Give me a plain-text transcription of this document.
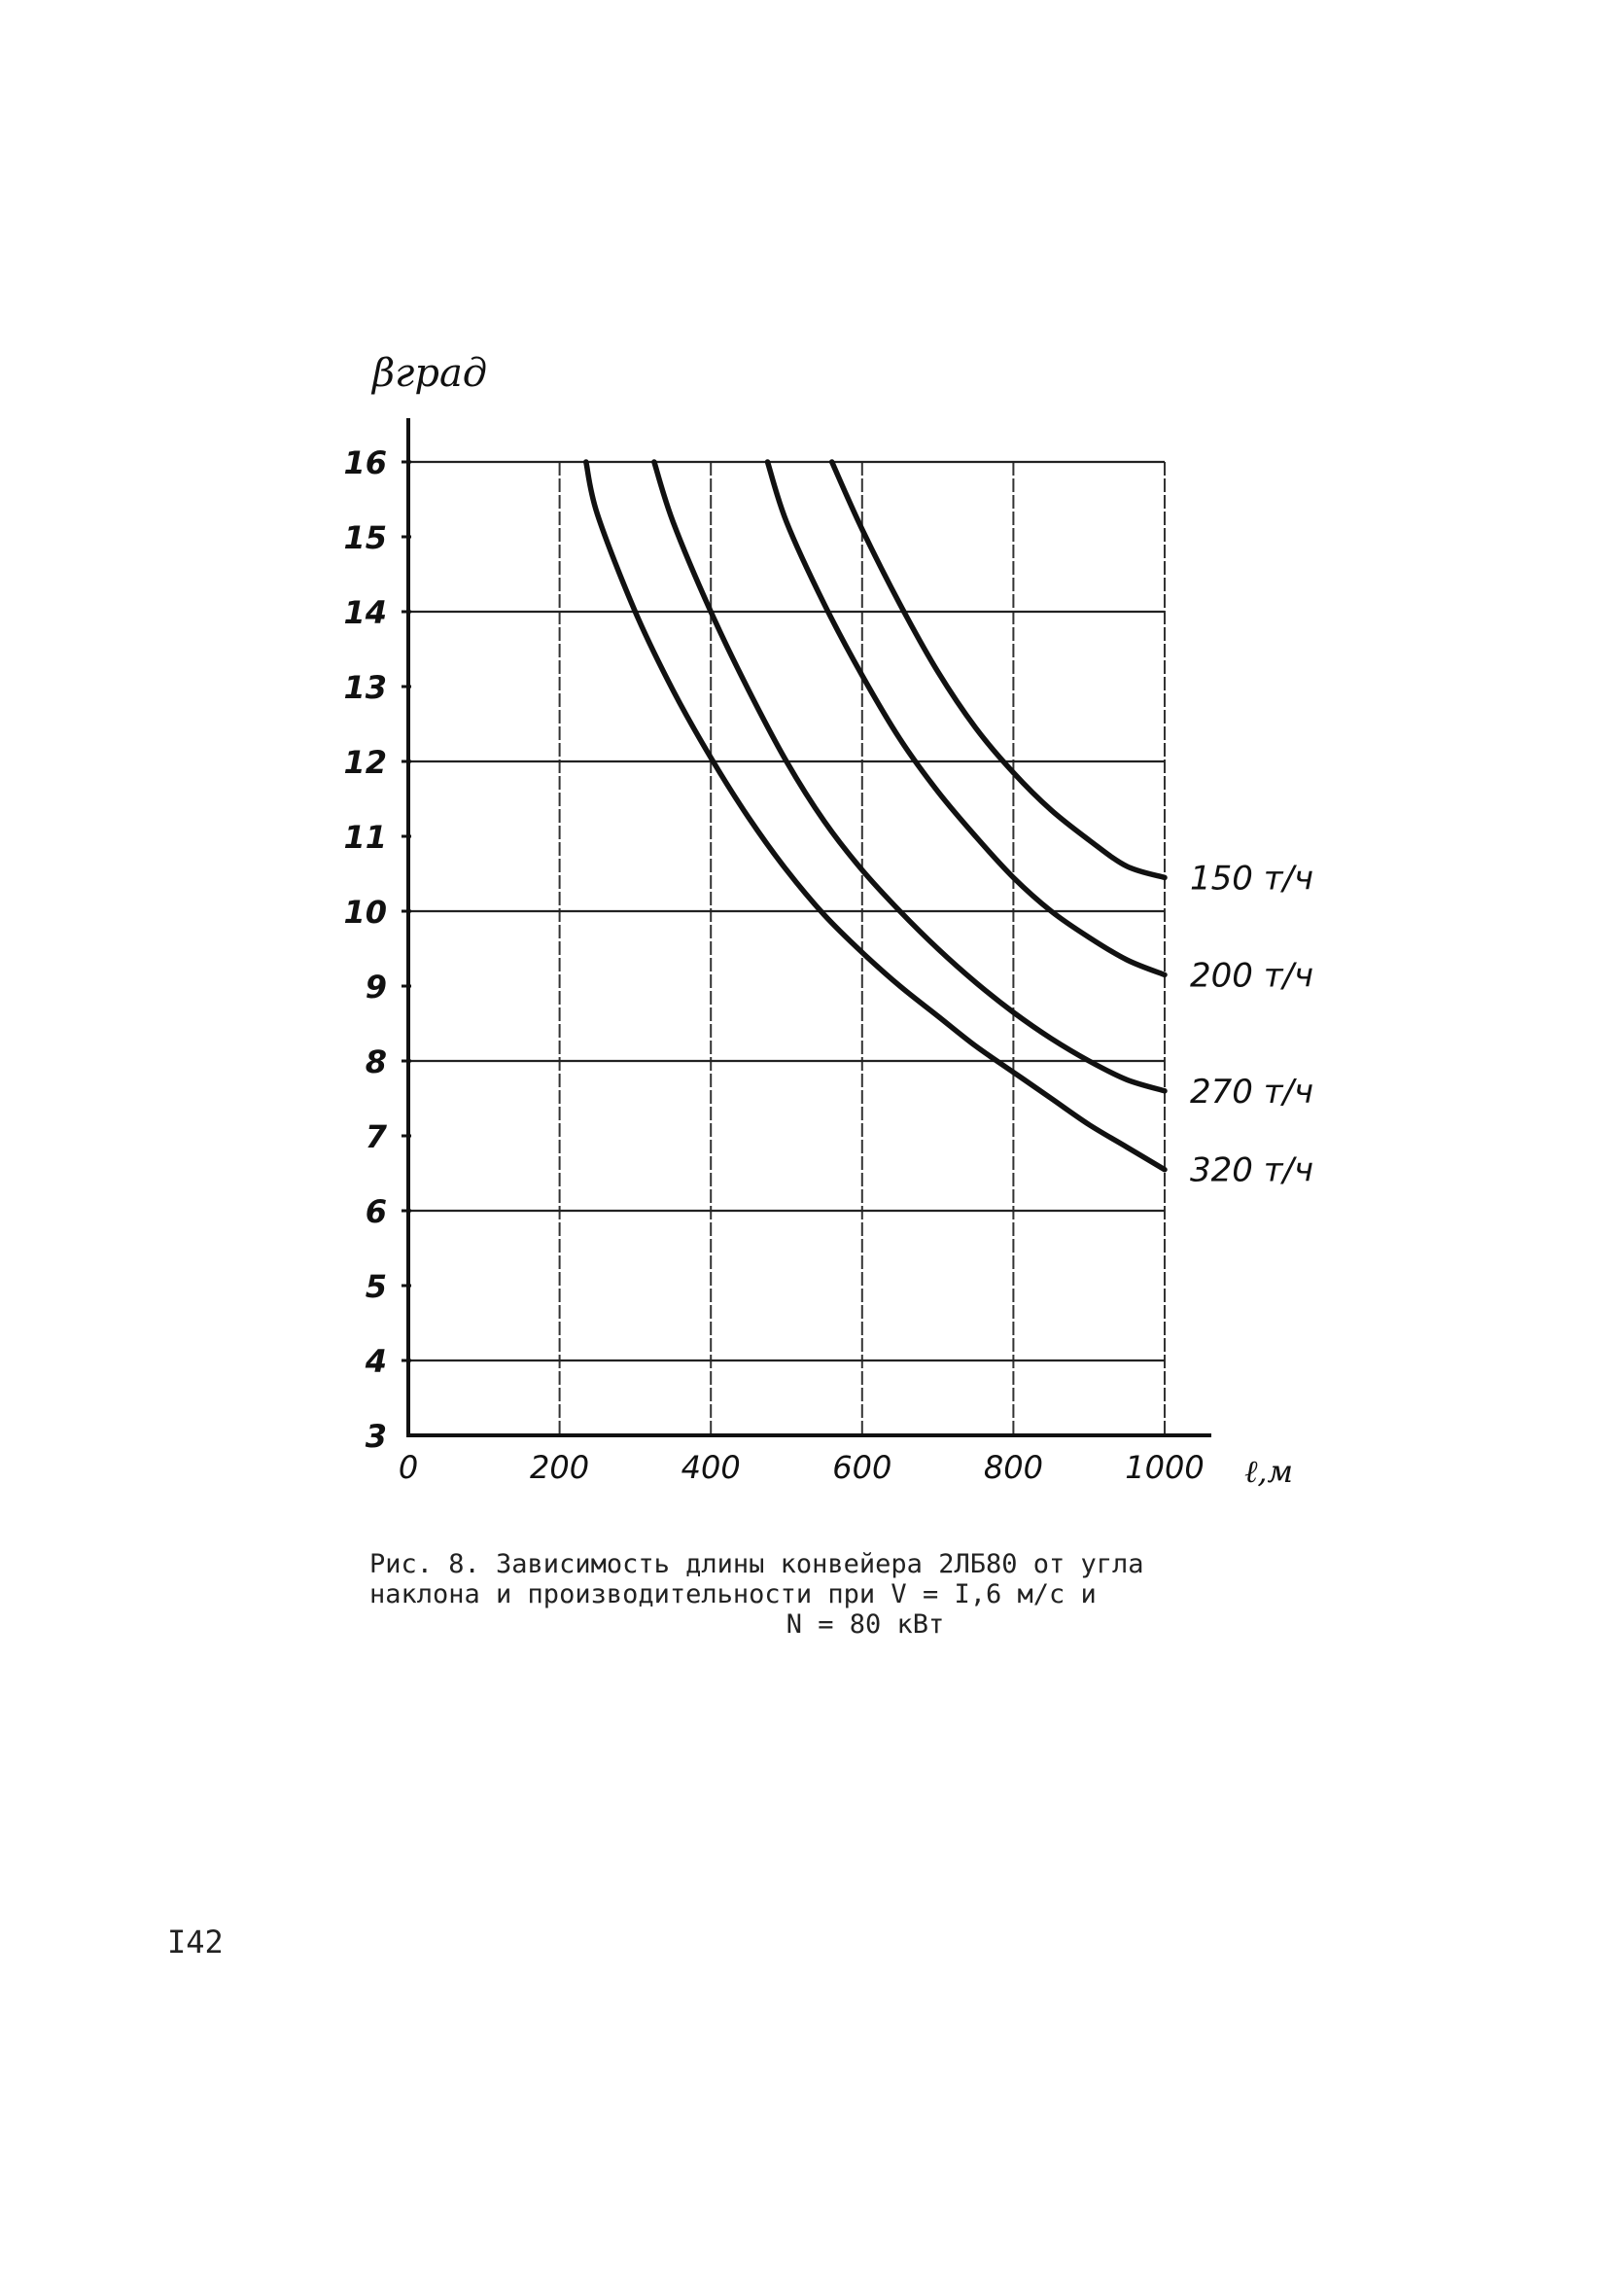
3
4
5
6
7
8
9
10
11
12
13
14
15
16
0	200	400	600	800	1000
βград
ℓ,м
150 т/ч
200 т/ч
270 т/ч
320 т/ч
Рис. 8. Зависимость длины конвейера 2ЛБ80 от угла
наклона и производительности при V = I,6 м/с и
N = 80 кВт
I42
